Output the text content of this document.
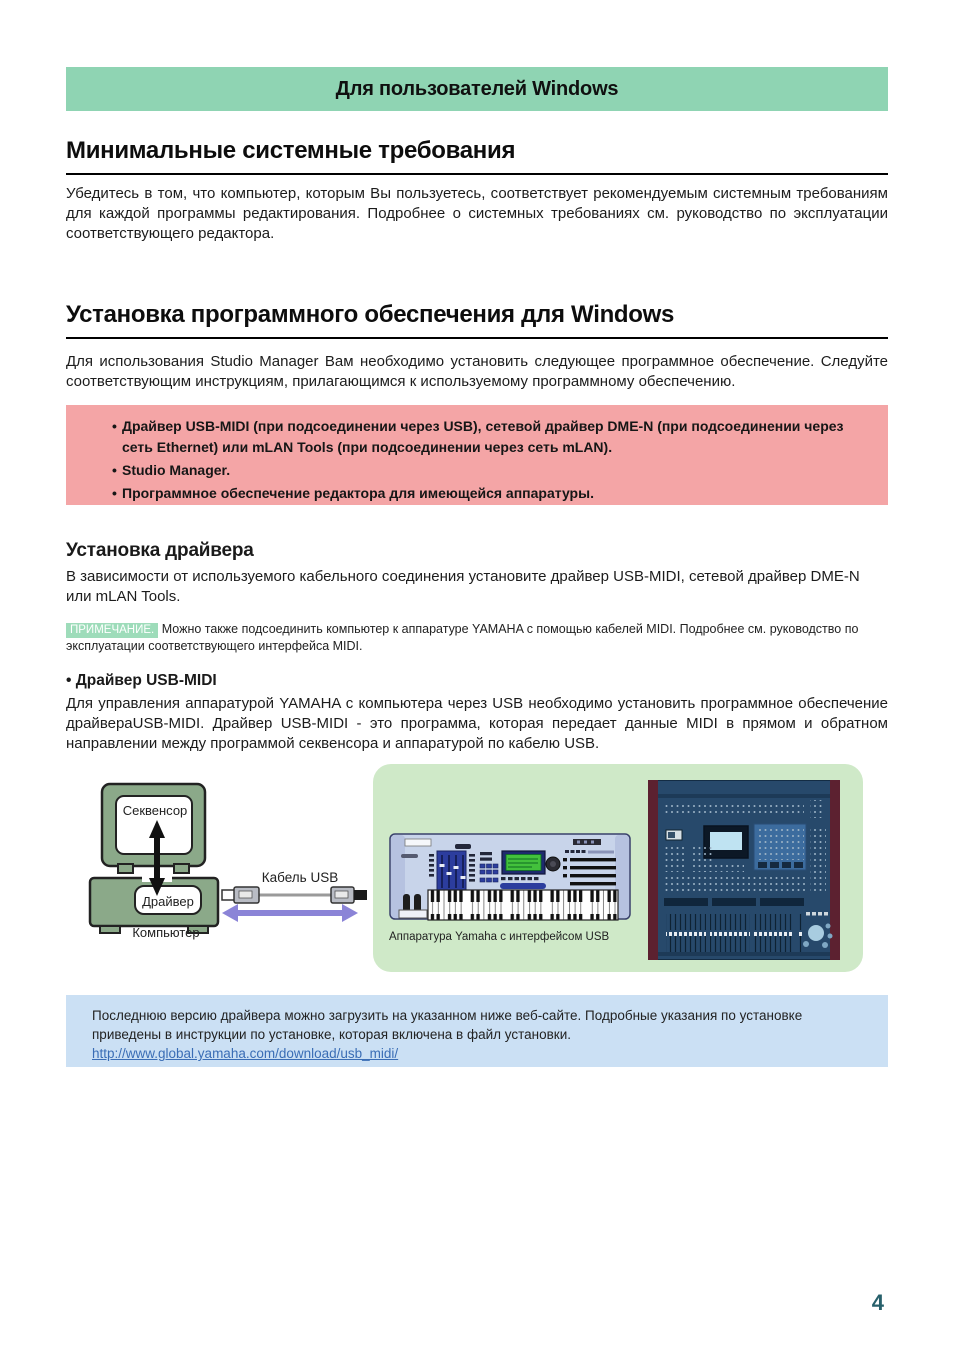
Для пользователей Windows
Минимальные системные требования

Убедитесь в том, что компьютер, которым Вы пользуетесь, соответствует рекомендуемым системным требованиям для каждой программы редактирования. Подробнее о системных требованиях см. руководство по эксплуатации соответствующего редактора.

Установка программного обеспечения для Windows

Для использования Studio Manager Вам необходимо установить следующее программное обеспечение. Следуйте соответствующим инструкциям, прилагающимся к используемому программному обеспечению.

• Драйвер USB-MIDI (при подсоединении через USB), сетевой драйвер DME-N (при подсоединении через сеть Ethernet) или mLAN Tools (при подсоединении через сеть mLAN).
• Studio Manager.
• Программное обеспечение редактора для имеющейся аппаратуры.
Установка драйвера

В зависимости от используемого кабельного соединения установите драйвер USB-MIDI, сетевой драйвер DME-N или mLAN Tools.

ПРИМЕЧАНИЕ. Можно также подсоединить компьютер к аппаратуре YAMAHA с помощью кабелей MIDI. Подробнее см. руководство по эксплуатации соответствующего интерфейса MIDI.

• Драйвер USB-MIDI

Для управления аппаратурой YAMAHA с компьютера через USB необходимо установить программное обеспечение драйвераUSB-MIDI. Драйвер USB-MIDI - это программа, которая передает данные MIDI в прямом и обратном направлении между программой секвенсора и аппаратурой по кабелю USB.

Секвенсор
Драйвер
Компьютер
Кабель USB
Аппаратура Yamaha с интерфейсом USB
Последнюю версию драйвера можно загрузить на указанном ниже веб-сайте. Подробные указания по установке приведены в инструкции по установке, которая включена в файл установки.
http://www.global.yamaha.com/download/usb_midi/
4
